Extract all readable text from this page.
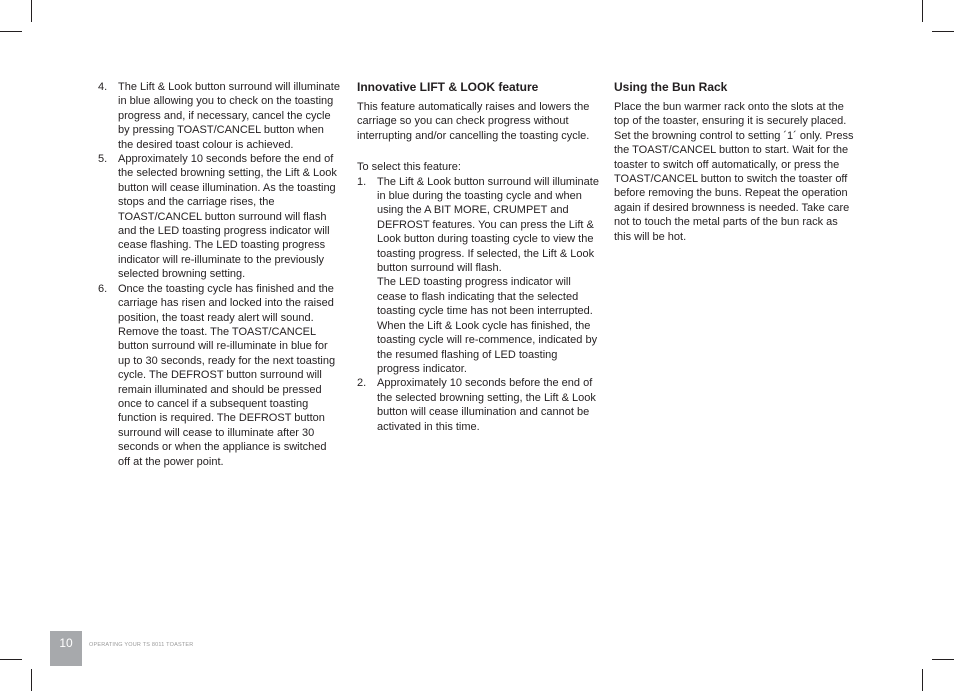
4. The Lift & Look button surround will illuminate in blue allowing you to check on the toasting progress and, if necessary, cancel the cycle by pressing TOAST/CANCEL button when the desired toast colour is achieved.
5. Approximately 10 seconds before the end of the selected browning setting, the Lift & Look button will cease illumination. As the toasting stops and the carriage rises, the TOAST/CANCEL button surround will flash and the LED toasting progress indicator will cease flashing. The LED toasting progress indicator will re-illuminate to the previously selected browning setting.
6. Once the toasting cycle has finished and the carriage has risen and locked into the raised position, the toast ready alert will sound. Remove the toast. The TOAST/CANCEL button surround will re-illuminate in blue for up to 30 seconds, ready for the next toasting cycle. The DEFROST button surround will remain illuminated and should be pressed once to cancel if a subsequent toasting function is required. The DEFROST button surround will cease to illuminate after 30 seconds or when the appliance is switched off at the power point.

Innovative LIFT & LOOK feature

This feature automatically raises and lowers the carriage so you can check progress without interrupting and/or cancelling the toasting cycle.

To select this feature:

1. The Lift & Look button surround will illuminate in blue during the toasting cycle and when using the A BIT MORE, CRUMPET and DEFROST features. You can press the Lift & Look button during toasting cycle to view the toasting progress. If selected, the Lift & Look button surround will flash.
The LED toasting progress indicator will cease to flash indicating that the selected toasting cycle time has not been interrupted.
When the Lift & Look cycle has finished, the toasting cycle will re-commence, indicated by the resumed flashing of LED toasting progress indicator.
2. Approximately 10 seconds before the end of the selected browning setting, the Lift & Look button will cease illumination and cannot be activated in this time.

Using the Bun Rack

Place the bun warmer rack onto the slots at the top of the toaster, ensuring it is securely placed. Set the browning control to setting ´1´ only. Press the TOAST/CANCEL button to start. Wait for the toaster to switch off automatically, or press the TOAST/CANCEL button to switch the toaster off before removing the buns. Repeat the operation again if desired brownness is needed. Take care not to touch the metal parts of the bun rack as this will be hot.

10	OPERATING YOUR TS 8011 TOASTER
